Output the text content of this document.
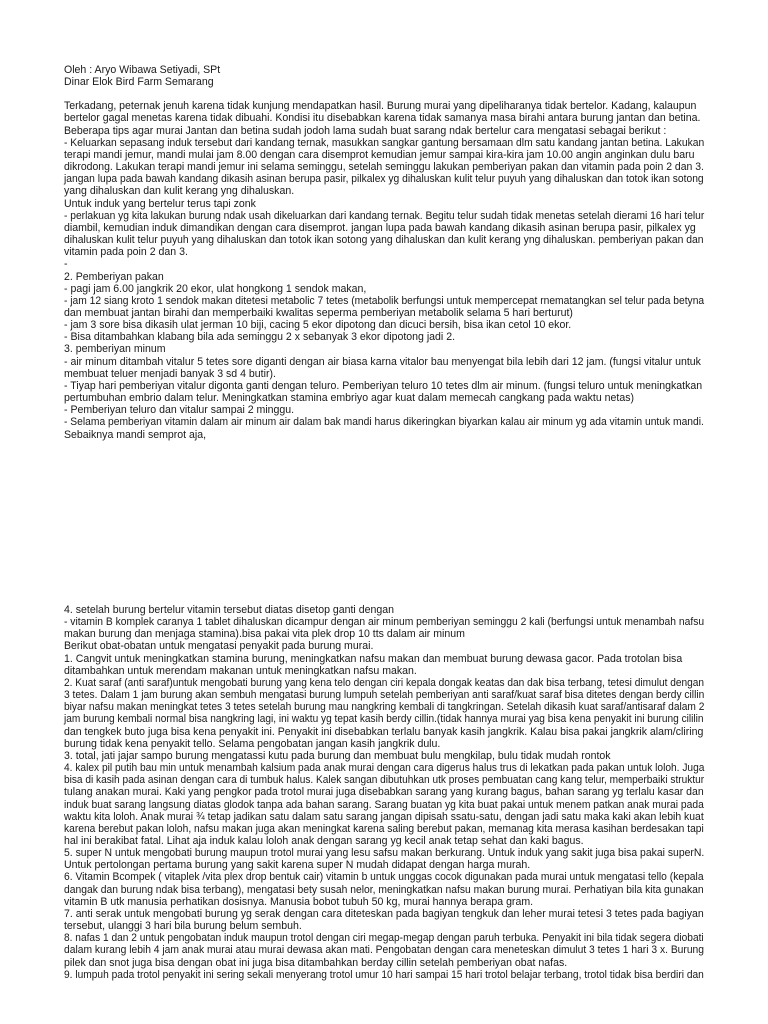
Oleh : Aryo Wibawa Setiyadi, SPt
Dinar Elok Bird Farm Semarang
Terkadang, peternak jenuh karena tidak kunjung mendapatkan hasil. Burung murai yang dipeliharanya tidak bertelor. Kadang, kalaupun
bertelor gagal menetas karena tidak dibuahi. Kondisi itu disebabkan karena tidak samanya masa birahi antara burung jantan dan betina.
Beberapa tips agar murai Jantan dan betina sudah jodoh lama sudah buat sarang ndak bertelur cara mengatasi sebagai berikut :
- Keluarkan sepasang induk tersebut dari kandang ternak, masukkan sangkar gantung bersamaan dlm satu kandang jantan betina. Lakukan
terapi mandi jemur, mandi mulai jam 8.00 dengan cara disemprot kemudian jemur sampai kira-kira jam 10.00 angin anginkan dulu baru
dikrodong. Lakukan terapi mandi jemur ini selama seminggu, setelah seminggu lakukan pemberiyan pakan dan vitamin pada poin 2 dan 3.
jangan lupa pada bawah kandang dikasih asinan berupa pasir, pilkalex yg dihaluskan kulit telur puyuh yang dihaluskan dan totok ikan sotong
yang dihaluskan dan kulit kerang yng dihaluskan.
Untuk induk yang bertelur terus tapi zonk
- perlakuan yg kita lakukan burung ndak usah dikeluarkan dari kandang ternak. Begitu telur sudah tidak menetas setelah dierami 16 hari telur
diambil, kemudian induk dimandikan dengan cara disemprot. jangan lupa pada bawah kandang dikasih asinan berupa pasir, pilkalex yg
dihaluskan kulit telur puyuh yang dihaluskan dan totok ikan sotong yang dihaluskan dan kulit kerang yng dihaluskan. pemberiyan pakan dan
vitamin pada poin 2 dan 3.
-
2. Pemberiyan pakan
- pagi jam 6.00 jangkrik 20 ekor, ulat hongkong 1 sendok makan,
- jam 12 siang kroto 1 sendok makan ditetesi metabolic 7 tetes (metabolik berfungsi untuk mempercepat rnematangkan sel telur pada betyna
dan membuat jantan birahi dan memperbaiki kwalitas seperma pemberiyan metabolik selama 5 hari berturut)
- jam 3 sore bisa dikasih ulat jerman 10 biji, cacing 5 ekor dipotong dan dicuci bersih, bisa ikan cetol 10 ekor.
- Bisa ditambahkan klabang bila ada seminggu 2 x sebanyak 3 ekor dipotong jadi 2.
3. pemberiyan minum
- air minum ditambah vitalur 5 tetes sore diganti dengan air biasa karna vitalor bau menyengat bila lebih dari 12 jam. (fungsi vitalur untuk
membuat teluer menjadi banyak 3 sd 4 butir).
- Tiyap hari pemberiyan vitalur digonta ganti dengan teluro. Pemberiyan teluro 10 tetes dlm air minum. (fungsi teluro untuk meningkatkan
pertumbuhan embrio dalam telur. Meningkatkan stamina embriyo agar kuat dalam memecah cangkang pada waktu netas)
- Pemberiyan teluro dan vitalur sampai 2 minggu.
- Selama pemberiyan vitamin dalam air minum air dalam bak mandi harus dikeringkan biyarkan kalau air minum yg ada vitamin untuk mandi.
Sebaiknya mandi semprot aja,
4. setelah burung bertelur vitamin tersebut diatas disetop ganti dengan
- vitamin B komplek caranya 1 tablet dihaluskan dicampur dengan air minum pemberiyan seminggu 2 kali (berfungsi untuk menambah nafsu
makan burung dan menjaga stamina).bisa pakai vita plek drop 10 tts dalam air minum
Berikut obat-obatan untuk mengatasi penyakit pada burung murai.
1. Cangvit untuk meningkatkan stamina burung, meningkatkan nafsu makan dan membuat burung dewasa gacor. Pada trotolan bisa
ditambahkan untuk merendam makanan untuk meningkatkan nafsu makan.
2. Kuat saraf (anti saraf)untuk mengobati burung yang kena telo dengan ciri kepala dongak keatas dan dak bisa terbang, tetesi dimulut dengan
3 tetes. Dalam 1 jam burung akan sembuh mengatasi burung lumpuh setelah pemberiyan anti saraf/kuat saraf bisa ditetes dengan berdy cillin
biyar nafsu makan meningkat tetes 3 tetes setelah burung mau nangkring kembali di tangkringan. Setelah dikasih kuat saraf/antisaraf dalam 2
jam burung kembali normal bisa nangkring lagi, ini waktu yg tepat kasih berdy cillin.(tidak hannya murai yag bisa kena penyakit ini burung cililin
dan tengkek buto juga bisa kena penyakit ini. Penyakit ini disebabkan terlalu banyak kasih jangkrik. Kalau bisa pakai jangkrik alam/cliring
burung tidak kena penyakit tello. Selama pengobatan jangan kasih jangkrik dulu.
3. total, jati jajar sampo burung mengatassi kutu pada burung dan membuat bulu mengkilap, bulu tidak mudah rontok
4. kalex pil putih bau min untuk menambah kalsium pada anak murai dengan cara digerus halus trus di lekatkan pada pakan untuk loloh. Juga
bisa di kasih pada asinan dengan cara di tumbuk halus. Kalek sangan dibutuhkan utk proses pembuatan cang kang telur, memperbaiki struktur
tulang anakan murai. Kaki yang pengkor pada trotol murai juga disebabkan sarang yang kurang bagus, bahan sarang yg terlalu kasar dan
induk buat sarang langsung diatas glodok tanpa ada bahan sarang. Sarang buatan yg kita buat pakai untuk menem patkan anak murai pada
waktu kita loloh. Anak murai ¾ tetap jadikan satu dalam satu sarang jangan dipisah ssatu-satu, dengan jadi satu maka kaki akan lebih kuat
karena berebut pakan loloh, nafsu makan juga akan meningkat karena saling berebut pakan, memanag kita merasa kasihan berdesakan tapi
hal ini berakibat fatal. Lihat aja induk kalau loloh anak dengan sarang yg kecil anak tetap sehat dan kaki bagus.
5. super N untuk mengobati burung maupun trotol murai yang lesu safsu makan berkurang. Untuk induk yang sakit juga bisa pakai superN.
Untuk pertolongan pertama burung yang sakit karena super N mudah didapat dengan harga murah.
6. Vitamin Bcompek ( vitaplek /vita plex drop bentuk cair) vitamin b untuk unggas cocok digunakan pada murai untuk mengatasi tello (kepala
dangak dan burung ndak bisa terbang), mengatasi bety susah nelor, meningkatkan nafsu makan burung murai. Perhatiyan bila kita gunakan
vitamin B utk manusia perhatikan dosisnya. Manusia bobot tubuh 50 kg, murai hannya berapa gram.
7. anti serak untuk mengobati burung yg serak dengan cara diteteskan pada bagiyan tengkuk dan leher murai tetesi 3 tetes pada bagiyan
tersebut, ulanggi 3 hari bila burung belum sembuh.
8. nafas 1 dan 2 untuk pengobatan induk maupun trotol dengan ciri megap-megap dengan paruh terbuka. Penyakit ini bila tidak segera diobati
dalam kurang lebih 4 jam anak murai atau murai dewasa akan mati. Pengobatan dengan cara meneteskan dimulut 3 tetes 1 hari 3 x. Burung
pilek dan snot juga bisa dengan obat ini juga bisa ditambahkan berday cillin setelah pemberiyan obat nafas.
9. lumpuh pada trotol penyakit ini sering sekali menyerang trotol umur 10 hari sampai 15 hari trotol belajar terbang, trotol tidak bisa berdiri dan
